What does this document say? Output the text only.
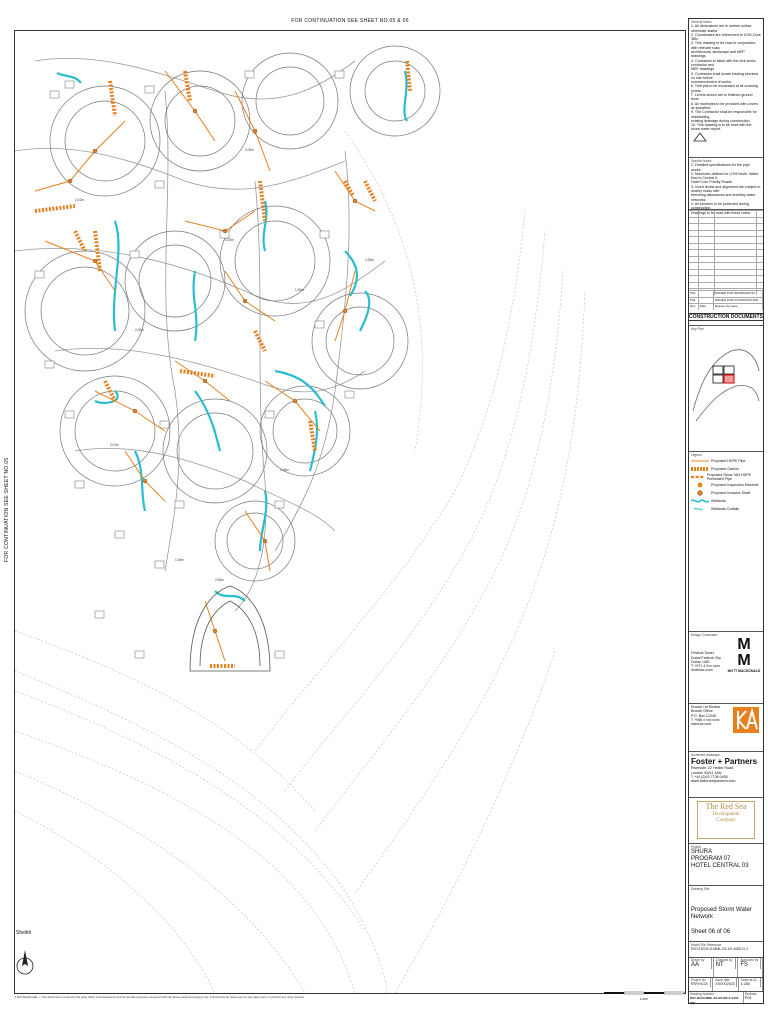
FOR CONTINUATION SEE SHEET NO.05 & 06
FOR CONTINUATION SEE SHEET NO.05
2,02m
2,02m
1,00m
2,01m
1,00m
1,00m
2,00m
2,01m
1,00m
2,00m
Sheikh
General Notes
1. All dimensions are in metres unless otherwise stated.
2. Coordinates are referenced to UTM Zone 38N.
3. This drawing to be read in conjunction with relevant road,
architectural, landscape and MEP drawings.
4. Contractor to liaise with the civil works contractor and
MEP drawings.
5. Contractor shall locate existing services on site before
commencement of works.
6. Trial pits to be excavated at all crossing points.
7. Levels shown are to finished ground level.
8. All manholes to be provided with covers as specified.
9. The Contractor shall be responsible for maintaining
existing drainage during construction.
10. This drawing is to be read with the storm water report.
Specific Notes
1. Detailed specifications for the pipe works.
2. Manholes defined for UTM North. Water flow to Central &
Hotel Core Priority Roads.
3. Invert levels and alignment are subject to nearby roads with
trenching allowances and ancillary water networks.
4. All services to be protected during construction.
Drawings to be read with these notes.
P01	ISSUED FOR INFORMATION
P02	ISSUED FOR CONSTRUCTION
Rev	Date	Reason for Issue
CONSTRUCTION DOCUMENTS
Key Plan
Legend
Proposed HDPE Pipe
Proposed Gabion
Proposed Stone 3&4 HDPE Perforated Pipe
Proposed Inspection Manhole
Proposed Invasive Shaft
Wetlands
Wetlands Outfalls
Design Consultant
Festival Tower
Dubai Festival City
Dubai, UAE
T +971 4 2xx xxxx
mottmac.com
M
M
MOTT MACDONALD
Kuwait / Al Khobar Branch Office
P.O. Box 12345
T +966 x xxx xxxx
www.ka.com
Architect/Landscape
Foster + Partners
Riverside, 22 Hester Road
London SW11 4AN
T +44 (0)20 7738 0455
www.fosterandpartners.com
The Red Sea
Development
Company
Project
SHURA
PROGRAM 07
HOTEL CENTRAL 03
Drawing Title
Proposed Storm Water Network
Sheet 06 of 06
Model File Reference
RSY-HC03-S-MML-03-XX-M3D-D-1
Drawn by
AA
Checked by
NT
Approved by
FS
Project No
RSYHC03
Issue date
XX/XX/2023
Scale at A1
1:250
Drawing Number
RSY-HC03-MML-ZZ-XX-DR-C-2101-006
Revision
P01
1:250
© Mott MacDonald — This document is issued for the party which commissioned it and for specific purposes connected with the above-captioned project only. It should not be relied upon by any other party or used for any other purpose.
